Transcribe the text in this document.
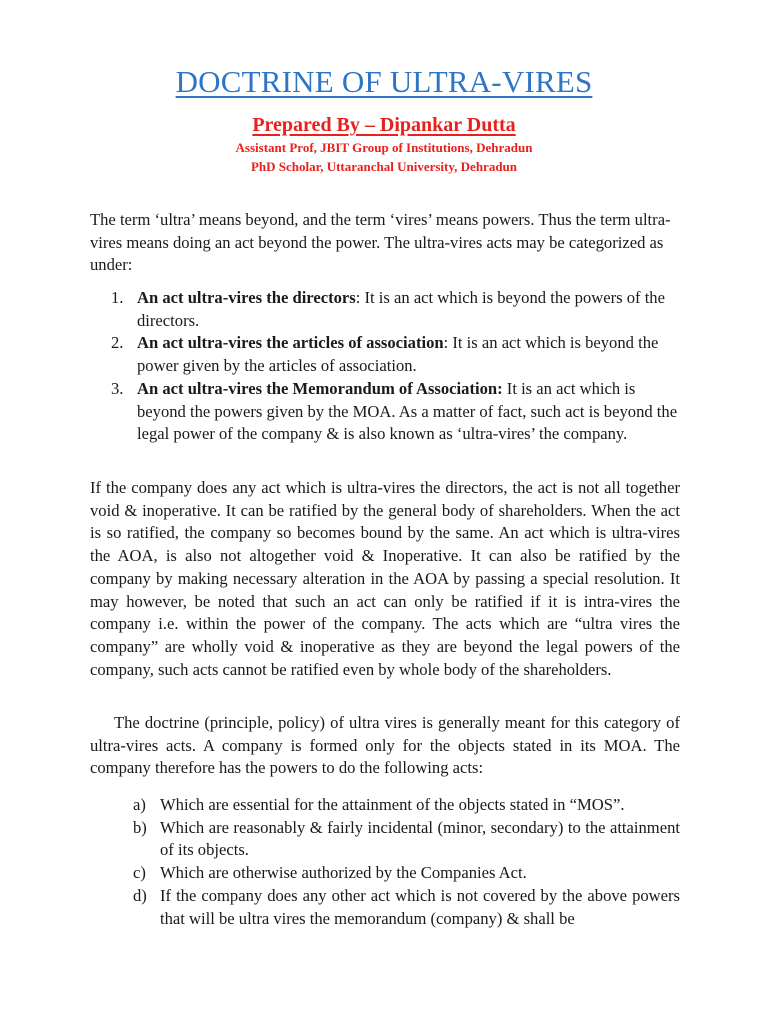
DOCTRINE OF ULTRA-VIRES
Prepared By – Dipankar Dutta
Assistant Prof, JBIT Group of Institutions, Dehradun
PhD Scholar, Uttaranchal University, Dehradun
The term ‘ultra’ means beyond, and the term ‘vires’ means powers. Thus the term ultra-vires means doing an act beyond the power. The ultra-vires acts may be categorized as under:
1. An act ultra-vires the directors: It is an act which is beyond the powers of the directors.
2. An act ultra-vires the articles of association: It is an act which is beyond the power given by the articles of association.
3. An act ultra-vires the Memorandum of Association: It is an act which is beyond the powers given by the MOA. As a matter of fact, such act is beyond the legal power of the company & is also known as ‘ultra-vires’ the company.
If the company does any act which is ultra-vires the directors, the act is not all together void & inoperative. It can be ratified by the general body of shareholders. When the act is so ratified, the company so becomes bound by the same. An act which is ultra-vires the AOA, is also not altogether void & Inoperative. It can also be ratified by the company by making necessary alteration in the AOA by passing a special resolution. It may however, be noted that such an act can only be ratified if it is intra-vires the company i.e. within the power of the company. The acts which are “ultra vires the company” are wholly void & inoperative as they are beyond the legal powers of the company, such acts cannot be ratified even by whole body of the shareholders.
The doctrine (principle, policy) of ultra vires is generally meant for this category of ultra-vires acts. A company is formed only for the objects stated in its MOA. The company therefore has the powers to do the following acts:
a) Which are essential for the attainment of the objects stated in “MOS”.
b) Which are reasonably & fairly incidental (minor, secondary) to the attainment of its objects.
c) Which are otherwise authorized by the Companies Act.
d) If the company does any other act which is not covered by the above powers that will be ultra vires the memorandum (company) & shall be
